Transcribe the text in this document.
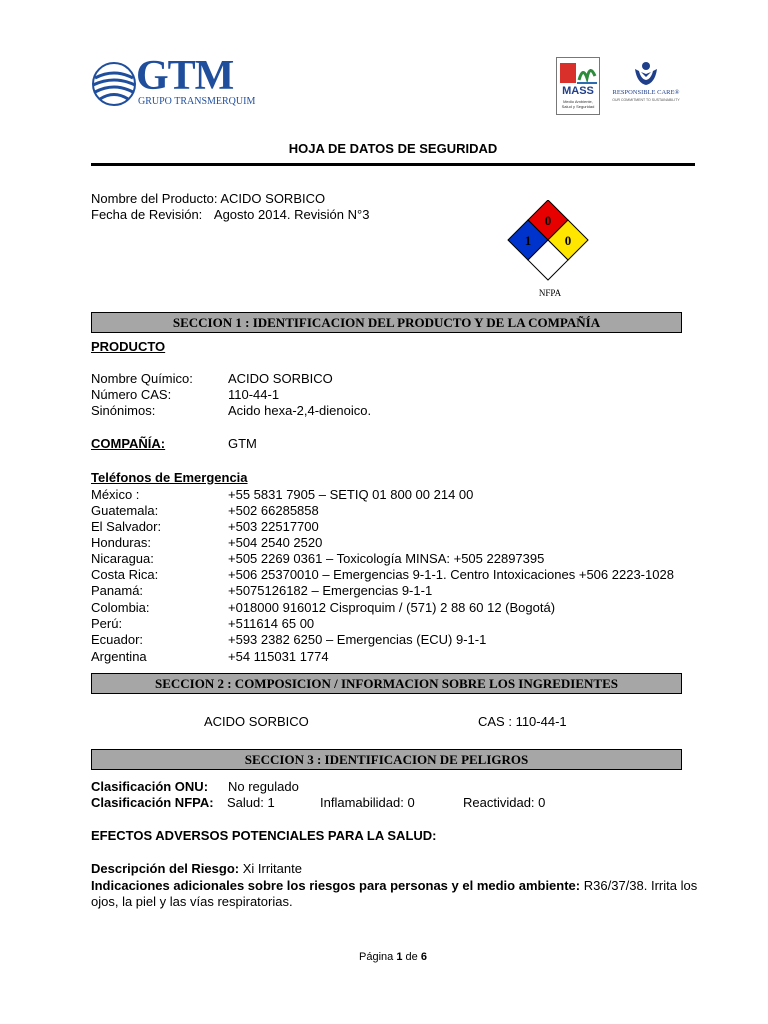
GTM
GRUPO TRANSMERQUIM
MASS
Medio Ambiente, Salud y Seguridad
RESPONSIBLE CARE®
OUR COMMITMENT TO SUSTAINABILITY
HOJA DE DATOS DE SEGURIDAD
Nombre del Producto: ACIDO SORBICO
Fecha de Revisión: Agosto 2014. Revisión N°3	0
1	0
NFPA
SECCION 1 : IDENTIFICACION DEL PRODUCTO Y DE LA COMPAÑÍA
PRODUCTO
Nombre Químico:	ACIDO SORBICO
Número CAS:	110-44-1
Sinónimos:	Acido hexa-2,4-dienoico.
COMPAÑÍA:	GTM
Teléfonos de Emergencia
México :	+55 5831 7905 – SETIQ 01 800 00 214 00
Guatemala:	+502 66285858
El Salvador:	+503 22517700
Honduras:	+504 2540 2520
Nicaragua:	+505 2269 0361 – Toxicología MINSA: +505 22897395
Costa Rica:	+506 25370010 – Emergencias 9-1-1. Centro Intoxicaciones +506 2223-1028
Panamá:	+5075126182 – Emergencias 9-1-1
Colombia:	+018000 916012 Cisproquim / (571) 2 88 60 12 (Bogotá)
Perú:	+511614 65 00
Ecuador:	+593 2382 6250 – Emergencias (ECU) 9-1-1
Argentina	+54 115031 1774
SECCION 2 : COMPOSICION / INFORMACION SOBRE LOS INGREDIENTES
ACIDO SORBICO	CAS : 110-44-1
SECCION 3 : IDENTIFICACION DE PELIGROS
Clasificación ONU: No regulado
Clasificación NFPA: Salud: 1	Inflamabilidad: 0	Reactividad: 0
EFECTOS ADVERSOS POTENCIALES PARA LA SALUD:
Descripción del Riesgo: Xi Irritante
Indicaciones adicionales sobre los riesgos para personas y el medio ambiente: R36/37/38. Irrita los
ojos, la piel y las vías respiratorias.
Página 1 de 6
